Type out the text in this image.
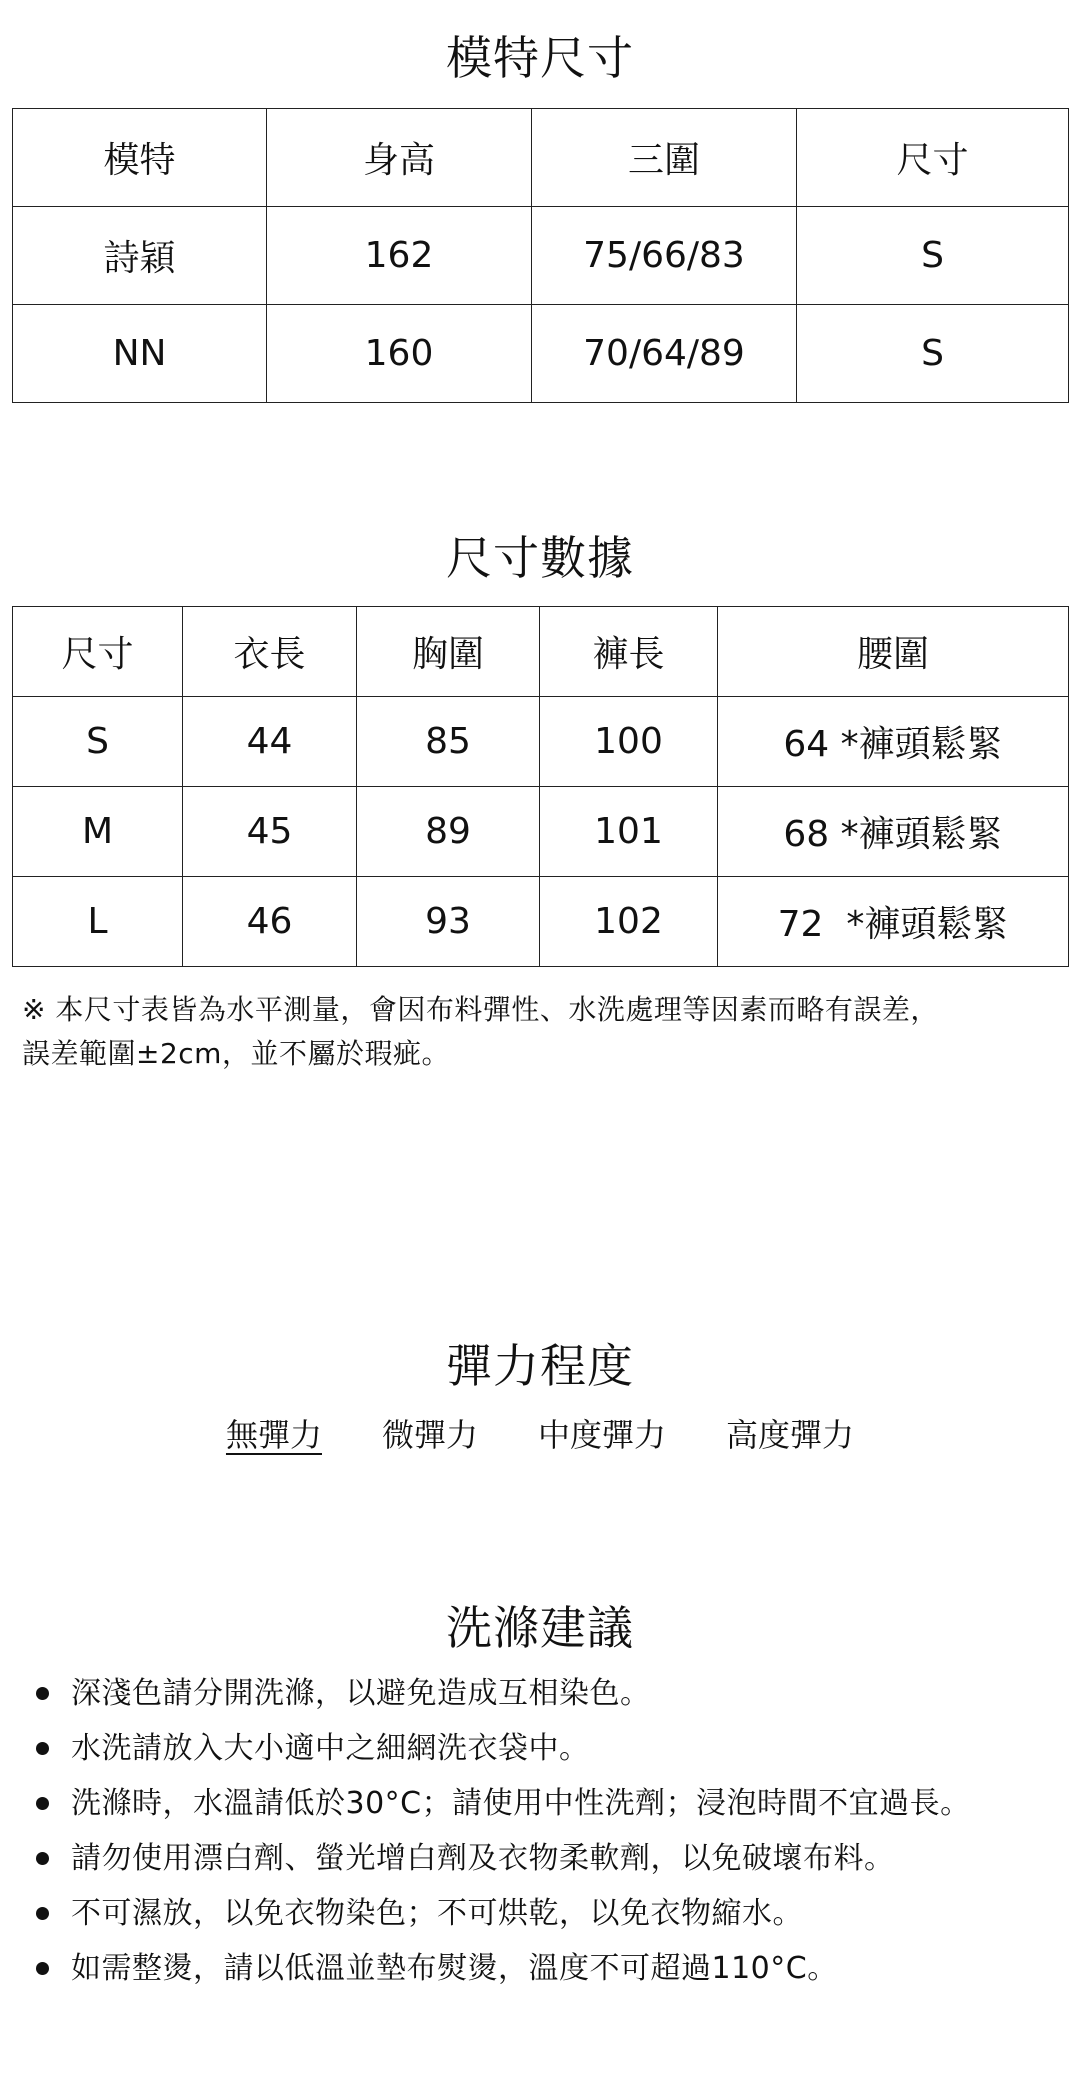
模特尺寸
模特	身高	三圍	尺寸
詩穎	162	75/66/83	S
NN	160	70/64/89	S
尺寸數據
尺寸	衣長	胸圍	褲長	腰圍
S	44	85	100	64 *褲頭鬆緊
M	45	89	101	68 *褲頭鬆緊
L	46	93	102	72  *褲頭鬆緊
※ 本尺寸表皆為水平測量，會因布料彈性、水洗處理等因素而略有誤差，
誤差範圍±2cm，並不屬於瑕疵。
彈力程度
無彈力 微彈力 中度彈力 高度彈力
洗滌建議
深淺色請分開洗滌，以避免造成互相染色。
水洗請放入大小適中之細網洗衣袋中。
洗滌時，水溫請低於30°C；請使用中性洗劑；浸泡時間不宜過長。
請勿使用漂白劑、螢光增白劑及衣物柔軟劑，以免破壞布料。
不可濕放，以免衣物染色；不可烘乾，以免衣物縮水。
如需整燙，請以低溫並墊布熨燙，溫度不可超過110°C。
